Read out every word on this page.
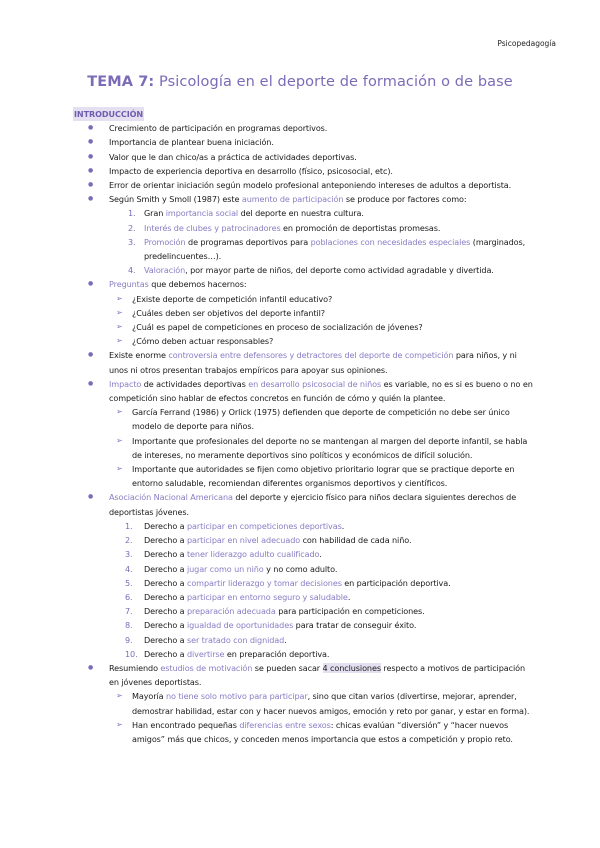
Psicopedagogía
TEMA 7: Psicología en el deporte de formación o de base
INTRODUCCIÓN
● Crecimiento de participación en programas deportivos.
● Importancia de plantear buena iniciación.
● Valor que le dan chico/as a práctica de actividades deportivas.
● Impacto de experiencia deportiva en desarrollo (físico, psicosocial, etc).
● Error de orientar iniciación según modelo profesional anteponiendo intereses de adultos a deportista.
● Según Smith y Smoll (1987) este aumento de participación se produce por factores como:
1.	Gran importancia social del deporte en nuestra cultura.
2.	Interés de clubes y patrocinadores en promoción de deportistas promesas.
3.	Promoción de programas deportivos para poblaciones con necesidades especiales (marginados, predelincuentes…).
4.	Valoración, por mayor parte de niños, del deporte como actividad agradable y divertida.
● Preguntas que debemos hacernos:
➢ ¿Existe deporte de competición infantil educativo?
➢ ¿Cuáles deben ser objetivos del deporte infantil?
➢ ¿Cuál es papel de competiciones en proceso de socialización de jóvenes?
➢ ¿Cómo deben actuar responsables?
● Existe enorme controversia entre defensores y detractores del deporte de competición para niños, y ni unos ni otros presentan trabajos empíricos para apoyar sus opiniones.
● Impacto de actividades deportivas en desarrollo psicosocial de niños es variable, no es si es bueno o no en competición sino hablar de efectos concretos en función de cómo y quién la plantee.
➢ García Ferrand (1986) y Orlick (1975) defienden que deporte de competición no debe ser único modelo de deporte para niños.
➢ Importante que profesionales del deporte no se mantengan al margen del deporte infantil, se habla de intereses, no meramente deportivos sino políticos y económicos de difícil solución.
➢ Importante que autoridades se fijen como objetivo prioritario lograr que se practique deporte en entorno saludable, recomiendan diferentes organismos deportivos y científicos.
● Asociación Nacional Americana del deporte y ejercicio físico para niños declara siguientes derechos de deportistas jóvenes.
1.	Derecho a participar en competiciones deportivas.
2.	Derecho a participar en nivel adecuado con habilidad de cada niño.
3.	Derecho a tener liderazgo adulto cualificado.
4.	Derecho a jugar como un niño y no como adulto.
5.	Derecho a compartir liderazgo y tomar decisiones en participación deportiva.
6.	Derecho a participar en entorno seguro y saludable.
7.	Derecho a preparación adecuada para participación en competiciones.
8.	Derecho a igualdad de oportunidades para tratar de conseguir éxito.
9.	Derecho a ser tratado con dignidad.
10. Derecho a divertirse en preparación deportiva.
● Resumiendo estudios de motivación se pueden sacar 4 conclusiones respecto a motivos de participación en jóvenes deportistas.
➢ Mayoría no tiene solo motivo para participar, sino que citan varios (divertirse, mejorar, aprender, demostrar habilidad, estar con y hacer nuevos amigos, emoción y reto por ganar, y estar en forma).
➢ Han encontrado pequeñas diferencias entre sexos: chicas evalúan “diversión” y “hacer nuevos amigos” más que chicos, y conceden menos importancia que estos a competición y propio reto.
